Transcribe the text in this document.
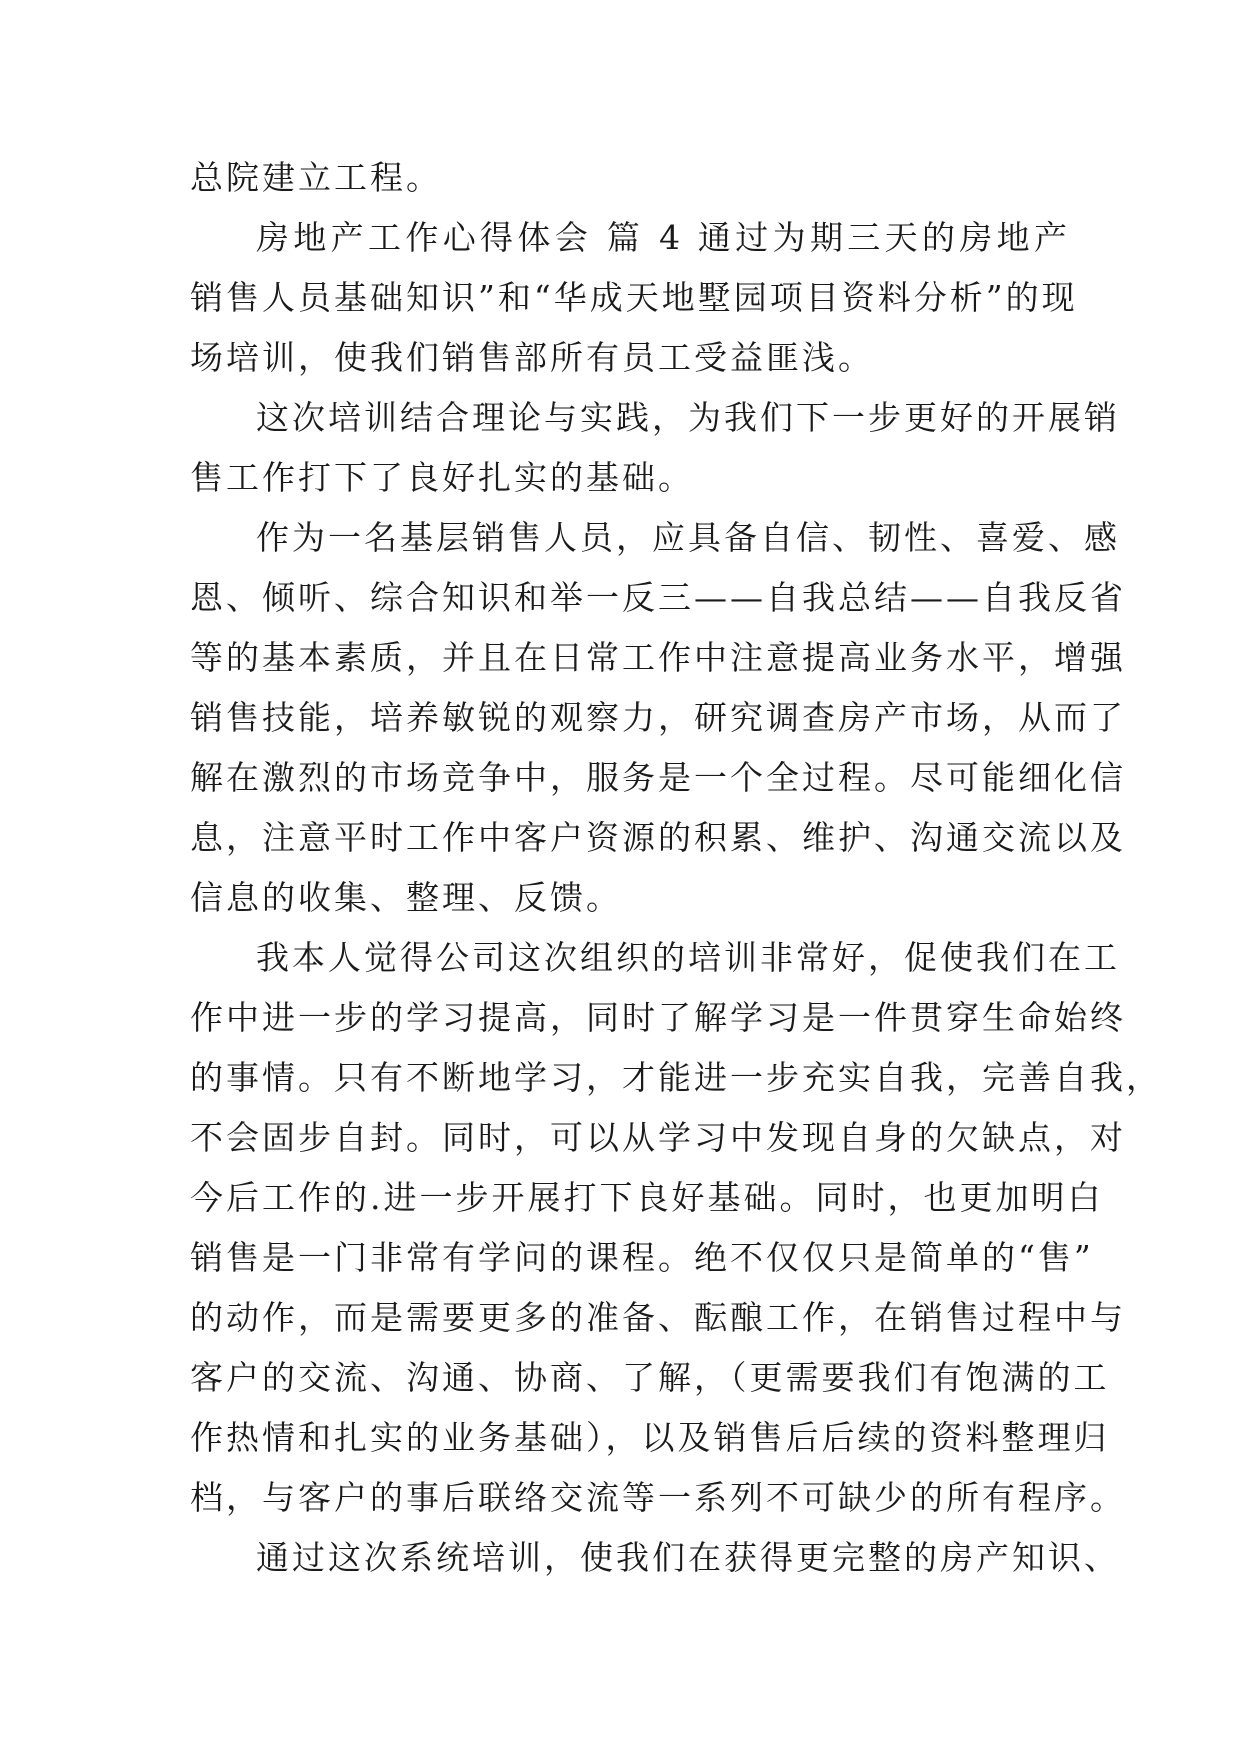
总院建立工程。
房地产工作心得体会 篇 4 通过为期三天的房地产
销售人员基础知识”和“华成天地墅园项目资料分析”的现
场培训，使我们销售部所有员工受益匪浅。
这次培训结合理论与实践，为我们下一步更好的开展销
售工作打下了良好扎实的基础。
作为一名基层销售人员，应具备自信、韧性、喜爱、感
恩、倾听、综合知识和举一反三——自我总结——自我反省
等的基本素质，并且在日常工作中注意提高业务水平，增强
销售技能，培养敏锐的观察力，研究调查房产市场，从而了
解在激烈的市场竞争中，服务是一个全过程。尽可能细化信
息，注意平时工作中客户资源的积累、维护、沟通交流以及
信息的收集、整理、反馈。
我本人觉得公司这次组织的培训非常好，促使我们在工
作中进一步的学习提高，同时了解学习是一件贯穿生命始终
的事情。只有不断地学习，才能进一步充实自我，完善自我，
不会固步自封。同时，可以从学习中发现自身的欠缺点，对
今后工作的.进一步开展打下良好基础。同时，也更加明白
销售是一门非常有学问的课程。绝不仅仅只是简单的“售”
的动作，而是需要更多的准备、酝酿工作，在销售过程中与
客户的交流、沟通、协商、了解，（更需要我们有饱满的工
作热情和扎实的业务基础），以及销售后后续的资料整理归
档，与客户的事后联络交流等一系列不可缺少的所有程序。
通过这次系统培训，使我们在获得更完整的房产知识、
